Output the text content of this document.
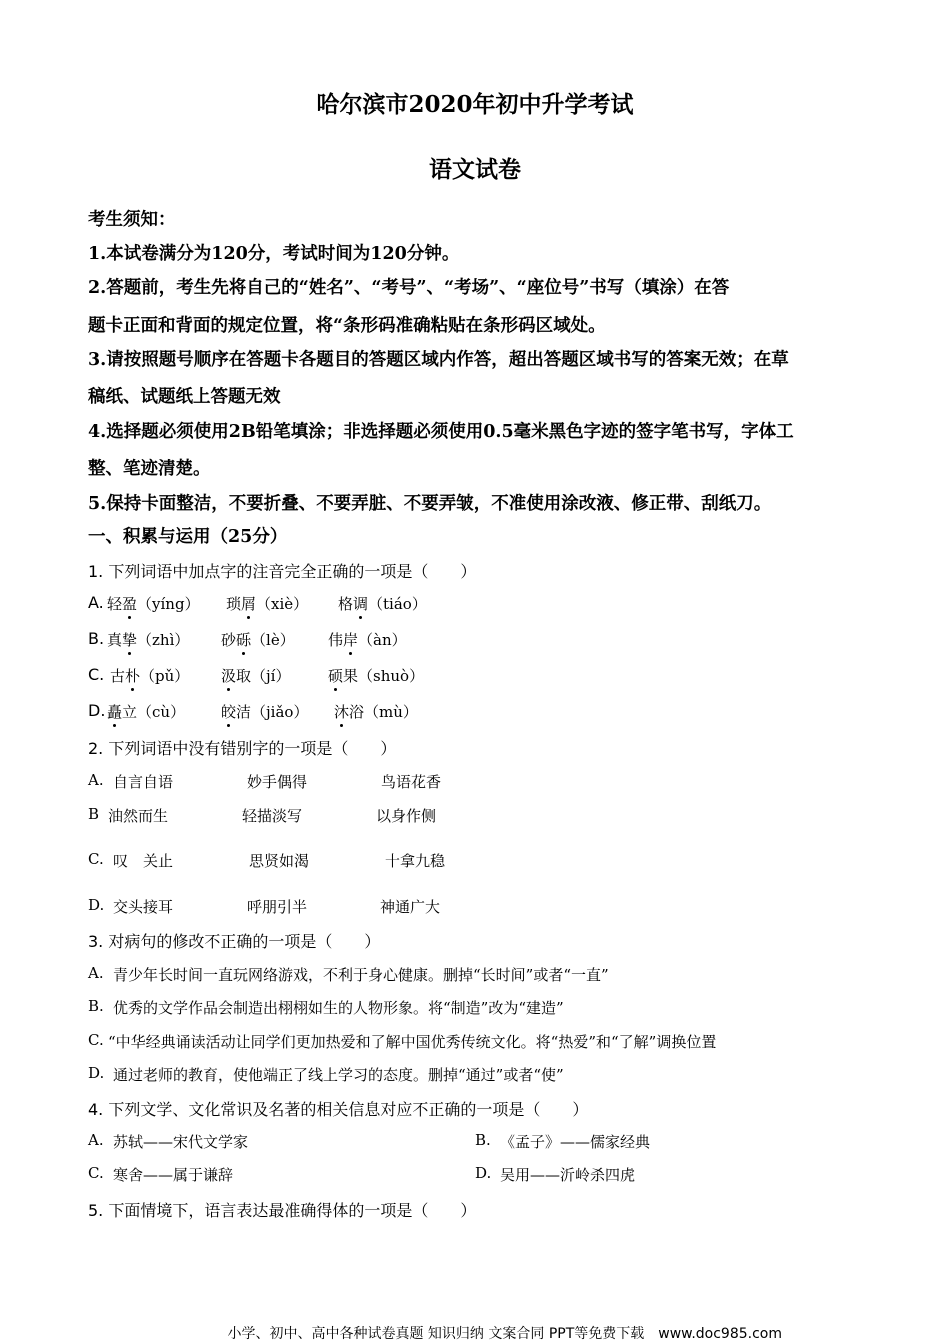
哈尔滨市2020年初中升学考试
语文试卷
考生须知：
1.本试卷满分为120分，考试时间为120分钟。
2.答题前，考生先将自己的“姓名”、“考号”、“考场”、“座位号”书写（填涂）在答
题卡正面和背面的规定位置，将“条形码准确粘贴在条形码区域处。
3.请按照题号顺序在答题卡各题目的答题区域内作答，超出答题区域书写的答案无效；在草
稿纸、试题纸上答题无效
4.选择题必须使用2B铅笔填涂；非选择题必须使用0.5毫米黑色字迹的签字笔书写，字体工
整、笔迹清楚。
5.保持卡面整洁，不要折叠、不要弄脏、不要弄皱，不准使用涂改液、修正带、刮纸刀。
一、积累与运用（25分）
1. 下列词语中加点字的注音完全正确的一项是（　　）
A. 轻盈（yíng） 琐屑（xiè） 格调（tiáo）
B. 真挚（zhì） 砂砾（lè） 伟岸（àn）
C. 古朴（pǔ） 汲取（jí）	硕果（shuò）
D. 矗立（cù） 皎洁（jiǎo） 沐浴（mù）
2. 下列词语中没有错别字的一项是（　　）
A. 自言自语	妙手偶得	鸟语花香
B 油然而生	轻描淡写	以身作侧
C. 叹　关止	思贤如渴	十拿九稳
D. 交头接耳	呼朋引半	神通广大
3. 对病句的修改不正确的一项是（　　）
A. 青少年长时间一直玩网络游戏，不利于身心健康。删掉“长时间”或者“一直”
B. 优秀的文学作品会制造出栩栩如生的人物形象。将“制造”改为“建造”
C. “中华经典诵读活动让同学们更加热爱和了解中国优秀传统文化。将“热爱”和“了解”调换位置
D. 通过老师的教育，使他端正了线上学习的态度。删掉“通过”或者“使”
4. 下列文学、文化常识及名著的相关信息对应不正确的一项是（　　）
A. 苏轼——宋代文学家	B. 《孟子》——儒家经典
C. 寒舍——属于谦辞	D. 吴用——沂岭杀四虎
5. 下面情境下，语言表达最准确得体的一项是（　　）
小学、初中、高中各种试卷真题 知识归纳 文案合同 PPT等免费下载　www.doc985.com
